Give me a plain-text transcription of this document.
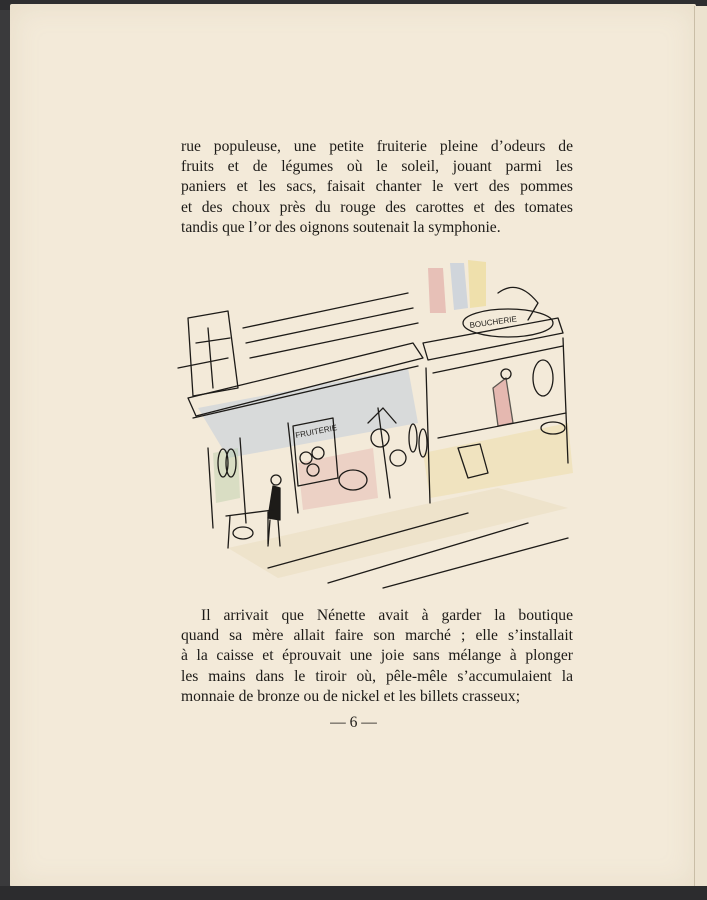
rue populeuse, une petite fruiterie pleine d’odeurs de
fruits et de légumes où le soleil, jouant parmi les
paniers et les sacs, faisait chanter le vert des pommes
et des choux près du rouge des carottes et des tomates
tandis que l’or des oignons soutenait la symphonie.

FRUITERIE
BOUCHERIE

Il arrivait que Nénette avait à garder la boutique
quand sa mère allait faire son marché ; elle s’installait
à la caisse et éprouvait une joie sans mélange à plonger
les mains dans le tiroir où, pêle-mêle s’accumulaient la
monnaie de bronze ou de nickel et les billets crasseux;

— 6 —
